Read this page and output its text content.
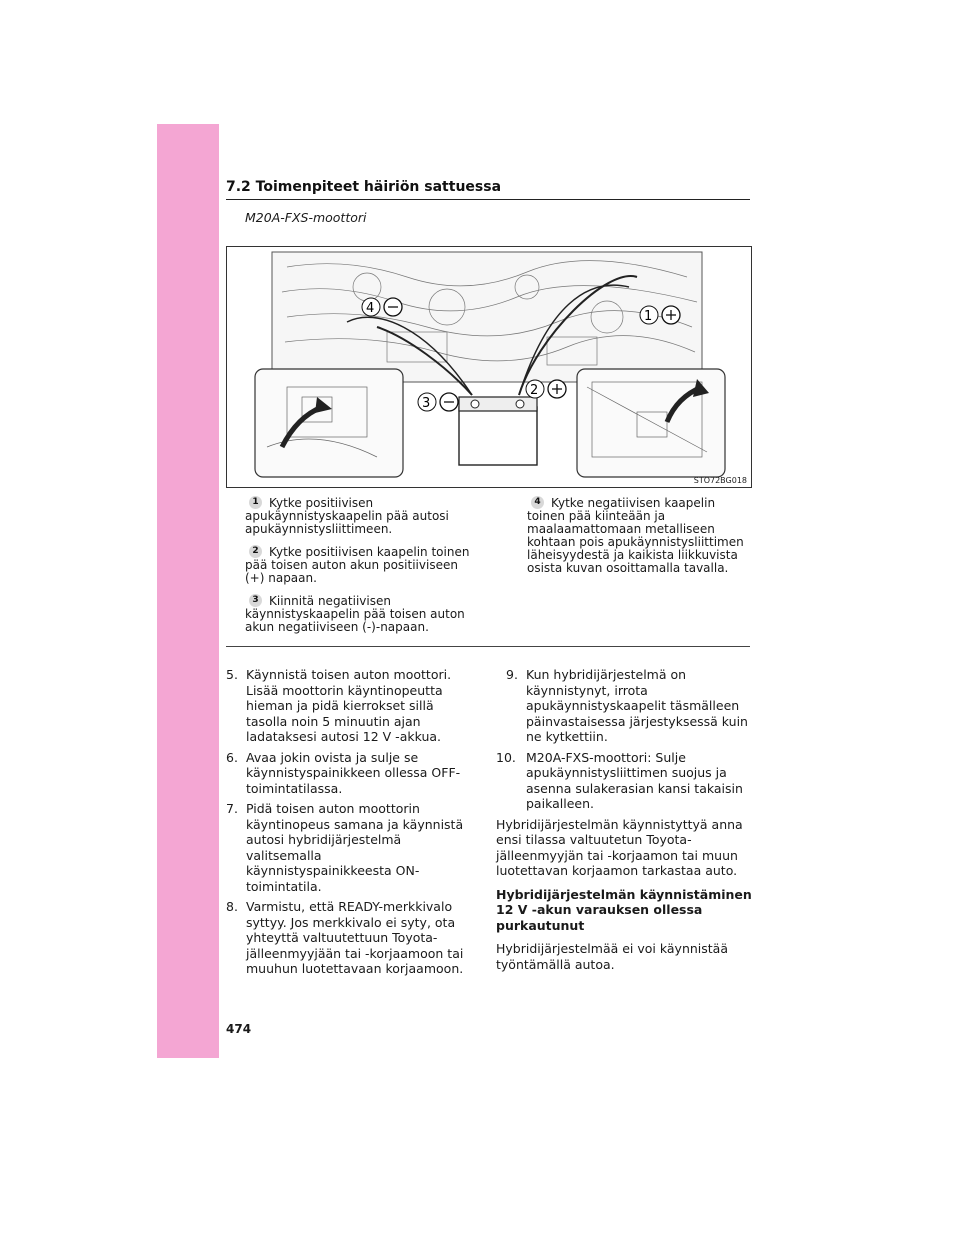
7.2 Toimenpiteet häiriön sattuessa
M20A-FXS-moottori
4
1
2
3
STO72BG018
1 Kytke positiivisen
apukäynnistyskaapelin pää autosi apukäynnistysliittimeen.
2 Kytke positiivisen kaapelin toinen
pää toisen auton akun positiiviseen (+) napaan.
3 Kiinnitä negatiivisen
käynnistyskaapelin pää toisen auton akun negatiiviseen (-)-napaan.
4 Kytke negatiivisen kaapelin
toinen pää kiinteään ja maalaamattomaan metalliseen kohtaan pois apukäynnistysliittimen läheisyydestä ja kaikista liikkuvista osista kuvan osoittamalla tavalla.
5. Käynnistä toisen auton moottori. Lisää moottorin käyntinopeutta hieman ja pidä kierrokset sillä tasolla noin 5 minuutin ajan ladataksesi autosi 12 V -akkua.
6. Avaa jokin ovista ja sulje se käynnistyspainikkeen ollessa OFF-toimintatilassa.
7. Pidä toisen auton moottorin käyntinopeus samana ja käynnistä autosi hybridijärjestelmä valitsemalla käynnistyspainikkeesta ON-toimintatila.
8. Varmistu, että READY-merkkivalo syttyy. Jos merkkivalo ei syty, ota yhteyttä valtuutettuun Toyota-jälleenmyyjään tai -korjaamoon tai muuhun luotettavaan korjaamoon.
9. Kun hybridijärjestelmä on käynnistynyt, irrota apukäynnistyskaapelit täsmälleen päinvastaisessa järjestyksessä kuin ne kytkettiin.
10. M20A-FXS-moottori: Sulje apukäynnistysliittimen suojus ja asenna sulakerasian kansi takaisin paikalleen.
Hybridijärjestelmän käynnistyttyä anna ensi tilassa valtuutetun Toyota-jälleenmyyjän tai -korjaamon tai muun luotettavan korjaamon tarkastaa auto.
Hybridijärjestelmän käynnistäminen 12 V -akun varauksen ollessa purkautunut
Hybridijärjestelmää ei voi käynnistää työntämällä autoa.
474
